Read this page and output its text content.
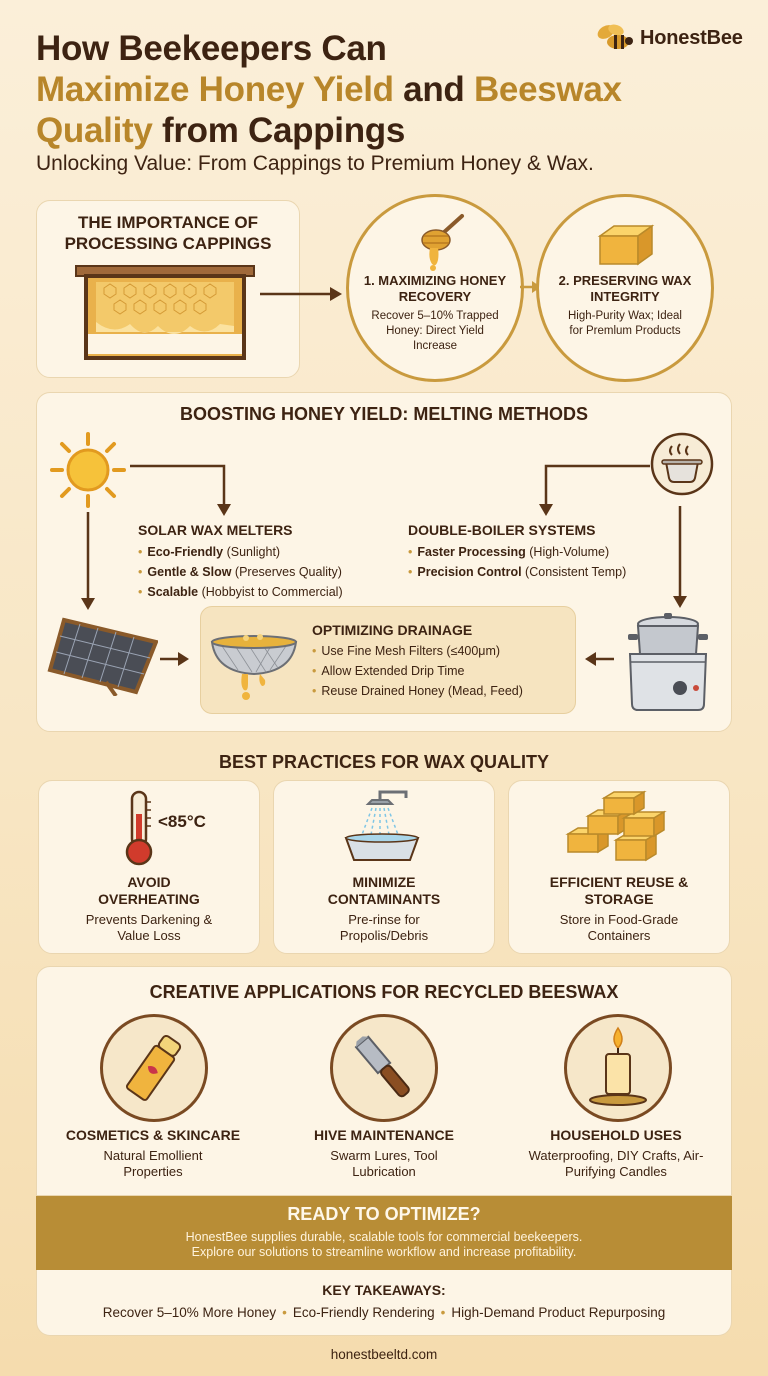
How Beekeepers Can
Maximize Honey Yield and Beeswax
Quality from Cappings
Unlocking Value: From Cappings to Premium Honey & Wax.
HonestBee
THE IMPORTANCE OF PROCESSING CAPPINGS
1. MAXIMIZING HONEY RECOVERY
Recover 5–10% Trapped Honey: Direct Yield Increase
2. PRESERVING WAX INTEGRITY
High-Purity Wax; Ideal for Premlum Products
BOOSTING HONEY YIELD: MELTING METHODS
SOLAR WAX MELTERS
• Eco-Friendly (Sunlight)
• Gentle & Slow (Preserves Quality)
• Scalable (Hobbyist to Commercial)
DOUBLE-BOILER SYSTEMS
• Faster Processing (High-Volume)
• Precision Control (Consistent Temp)
OPTIMIZING DRAINAGE
• Use Fine Mesh Filters (≤400μm)
• Allow Extended Drip Time
• Reuse Drained Honey (Mead, Feed)
BEST PRACTICES FOR WAX QUALITY
<85°C
AVOID OVERHEATING
Prevents Darkening & Value Loss
MINIMIZE CONTAMINANTS
Pre-rinse for Propolis/Debris
EFFICIENT REUSE & STORAGE
Store in Food-Grade Containers
CREATIVE APPLICATIONS FOR RECYCLED BEESWAX
COSMETICS & SKINCARE
Natural Emollient Properties
HIVE MAINTENANCE
Swarm Lures, Tool Lubrication
HOUSEHOLD USES
Waterproofing, DIY Crafts, Air-Purifying Candles
READY TO OPTIMIZE?
HonestBee supplies durable, scalable tools for commercial beekeepers.
Explore our solutions to streamline workflow and increase profitability.
KEY TAKEAWAYS:
Recover 5–10% More Honey • Eco-Friendly Rendering • High-Demand Product Repurposing
honestbeeltd.com
